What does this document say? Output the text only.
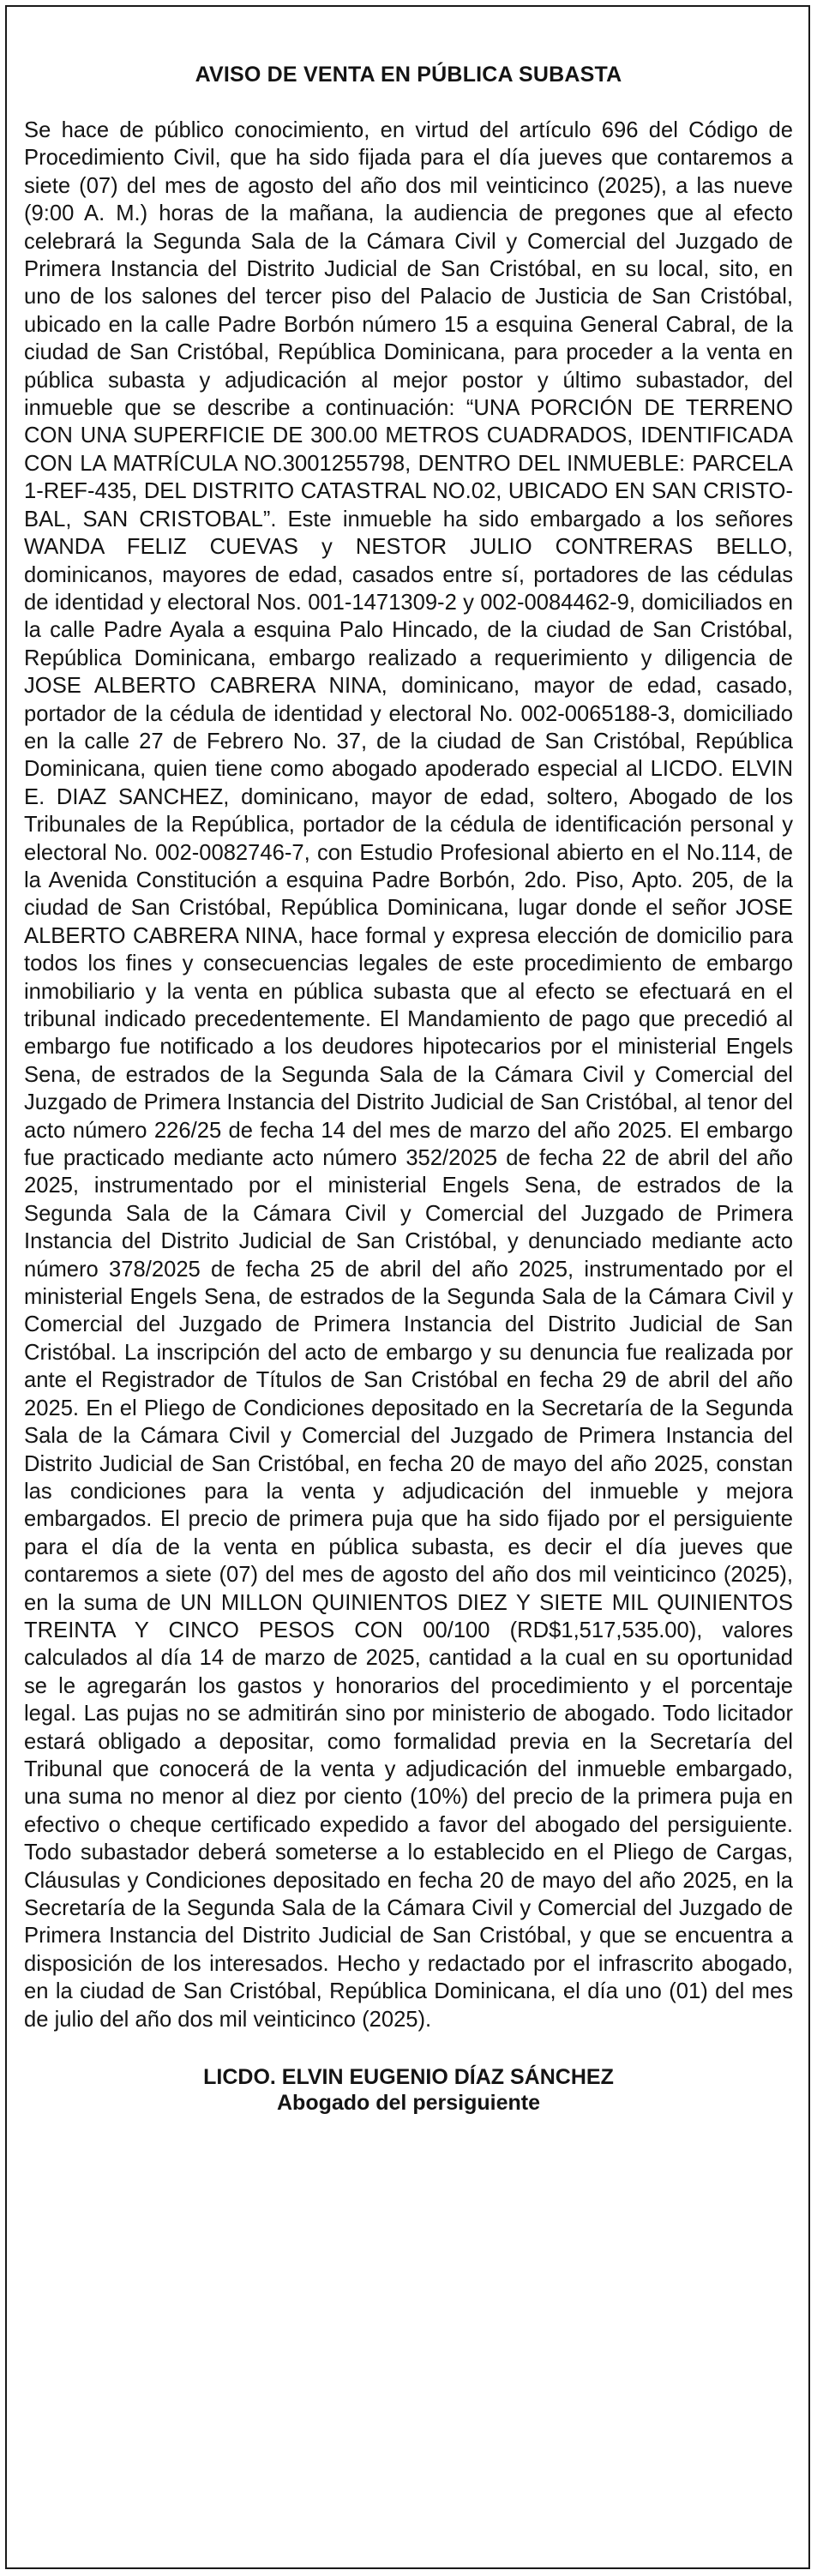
AVISO DE VENTA EN PÚBLICA SUBASTA

Se hace de público conocimiento, en virtud del artículo 696 del Código de Procedimiento Civil, que ha sido fijada para el día jueves que contaremos a siete (07) del mes de agosto del año dos mil veinticinco (2025), a las nueve (9:00 A. M.) horas de la mañana, la audiencia de pregones que al efecto celebrará la Segunda Sala de la Cámara Civil y Comercial del Juzgado de Primera Instancia del Distrito Judicial de San Cristóbal, en su local, sito, en uno de los salones del tercer piso del Palacio de Justicia de San Cristóbal, ubicado en la calle Padre Borbón número 15 a esquina General Cabral, de la ciudad de San Cristóbal, República Dominicana, para proceder a la venta en pública subasta y adjudicación al mejor postor y último subastador, del inmueble que se describe a continuación: “UNA PORCIÓN DE TERRENO CON UNA SUPERFICIE DE 300.00 METROS CUADRADOS, IDENTIFICADA CON LA MATRÍCULA NO.3001255798, DENTRO DEL INMUEBLE: PARCELA 1-REF-435, DEL DISTRITO CATASTRAL NO.02, UBICADO EN SAN CRISTOBAL, SAN CRISTOBAL”. Este inmueble ha sido embargado a los señores WANDA FELIZ CUEVAS y NESTOR JULIO CONTRERAS BELLO, dominicanos, mayores de edad, casados entre sí, portadores de las cédulas de identidad y electoral Nos. 001-1471309-2 y 002-0084462-9, domiciliados en la calle Padre Ayala a esquina Palo Hincado, de la ciudad de San Cristóbal, República Dominicana, embargo realizado a requerimiento y diligencia de JOSE ALBERTO CABRERA NINA, dominicano, mayor de edad, casado, portador de la cédula de identidad y electoral No. 002-0065188-3, domiciliado en la calle 27 de Febrero No. 37, de la ciudad de San Cristóbal, República Dominicana, quien tiene como abogado apoderado especial al LICDO. ELVIN E. DIAZ SANCHEZ, dominicano, mayor de edad, soltero, Abogado de los Tribunales de la República, portador de la cédula de identificación personal y electoral No. 002-0082746-7, con Estudio Profesional abierto en el No.114, de la Avenida Constitución a esquina Padre Borbón, 2do. Piso, Apto. 205, de la ciudad de San Cristóbal, República Dominicana, lugar donde el señor JOSE ALBERTO CABRERA NINA, hace formal y expresa elección de domicilio para todos los fines y consecuencias legales de este procedimiento de embargo inmobiliario y la venta en pública subasta que al efecto se efectuará en el tribunal indicado precedentemente. El Mandamiento de pago que precedió al embargo fue notificado a los deudores hipotecarios por el ministerial Engels Sena, de estrados de la Segunda Sala de la Cámara Civil y Comercial del Juzgado de Primera Instancia del Distrito Judicial de San Cristóbal, al tenor del acto número 226/25 de fecha 14 del mes de marzo del año 2025. El embargo fue practicado mediante acto número 352/2025 de fecha 22 de abril del año 2025, instrumentado por el ministerial Engels Sena, de estrados de la Segunda Sala de la Cámara Civil y Comercial del Juzgado de Primera Instancia del Distrito Judicial de San Cristóbal, y denunciado mediante acto número 378/2025 de fecha 25 de abril del año 2025, instrumentado por el ministerial Engels Sena, de estrados de la Segunda Sala de la Cámara Civil y Comercial del Juzgado de Primera Instancia del Distrito Judicial de San Cristóbal. La inscripción del acto de embargo y su denuncia fue realizada por ante el Registrador de Títulos de San Cristóbal en fecha 29 de abril del año 2025. En el Pliego de Condiciones depositado en la Secretaría de la Segunda Sala de la Cámara Civil y Comercial del Juzgado de Primera Instancia del Distrito Judicial de San Cristóbal, en fecha 20 de mayo del año 2025, constan las condiciones para la venta y adjudicación del inmueble y mejora embargados. El precio de primera puja que ha sido fijado por el persiguiente para el día de la venta en pública subasta, es decir el día jueves que contaremos a siete (07) del mes de agosto del año dos mil veinticinco (2025), en la suma de UN MILLON QUINIENTOS DIEZ Y SIETE MIL QUINIENTOS TREINTA Y CINCO PESOS CON 00/100 (RD$1,517,535.00), valores calculados al día 14 de marzo de 2025, cantidad a la cual en su oportunidad se le agregarán los gastos y honorarios del procedimiento y el porcentaje legal. Las pujas no se admitirán sino por ministerio de abogado. Todo licitador estará obligado a depositar, como formalidad previa en la Secretaría del Tribunal que conocerá de la venta y adjudicación del inmueble embargado, una suma no menor al diez por ciento (10%) del precio de la primera puja en efectivo o cheque certificado expedido a favor del abogado del persiguiente. Todo subastador deberá someterse a lo establecido en el Pliego de Cargas, Cláusulas y Condiciones depositado en fecha 20 de mayo del año 2025, en la Secretaría de la Segunda Sala de la Cámara Civil y Comercial del Juzgado de Primera Instancia del Distrito Judicial de San Cristóbal, y que se encuentra a disposición de los interesados. Hecho y redactado por el infrascrito abogado, en la ciudad de San Cristóbal, República Dominicana, el día uno (01) del mes de julio del año dos mil veinticinco (2025).

LICDO. ELVIN EUGENIO DÍAZ SÁNCHEZ
Abogado del persiguiente
